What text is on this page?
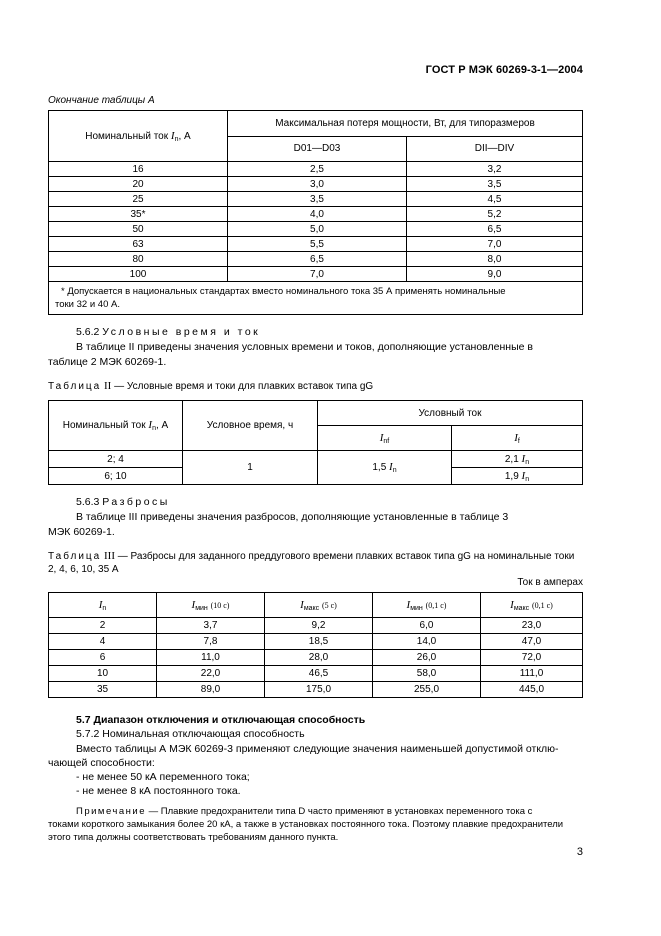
ГОСТ Р МЭК 60269-3-1—2004
Окончание таблицы А
Номинальный ток $I_n$, А	Максимальная потеря мощности, Вт, для типоразмеров	
	D01—D03	DII—DIV
16	2,5	3,2
20	3,0	3,5
25	3,5	4,5
35*	4,0	5,2
50	5,0	6,5
63	5,5	7,0
80	6,5	8,0
100	7,0	9,0

* Допускается в национальных стандартах вместо номинального тока 35 А применять номинальные
токи 32 и 40 А.		
5.6.2 Условные время и ток
В таблице II приведены значения условных времени и токов, дополняющие установленные в
таблице 2 МЭК 60269-1.
Таблица II — Условные время и токи для плавких вставок типа gG
Номинальный ток $I_n$, А	Условное время, ч	Условный ток	
		$I_{nf}$	$I_f$
2; 4	1	1,5 $I_n$	2,1 $I_n$
6; 10			1,9 $I_n$
5.6.3 Разбросы
В таблице III приведены значения разбросов, дополняющие установленные в таблице 3
МЭК 60269-1.
Таблица III — Разбросы для заданного преддугового времени плавких вставок типа gG на номинальные токи
2, 4, 6, 10, 35 А
Ток в амперах
$I_n$	$I_{мин}$ (10 с)	$I_{макс}$ (5 с)	$I_{мин}$ (0,1 с)	$I_{макс}$ (0,1 с)
2	3,7	9,2	6,0	23,0
4	7,8	18,5	14,0	47,0
6	11,0	28,0	26,0	72,0
10	22,0	46,5	58,0	111,0
35	89,0	175,0	255,0	445,0
5.7 Диапазон отключения и отключающая способность
5.7.2 Номинальная отключающая способность
Вместо таблицы А МЭК 60269-3 применяют следующие значения наименьшей допустимой отклю-
чающей способности:
- не менее 50 кА переменного тока;
- не менее 8 кА постоянного тока.
Примечание — Плавкие предохранители типа D часто применяют в установках переменного тока с
токами короткого замыкания более 20 кА, а также в установках постоянного тока. Поэтому плавкие предохранители
этого типа должны соответствовать требованиям данного пункта.
3
